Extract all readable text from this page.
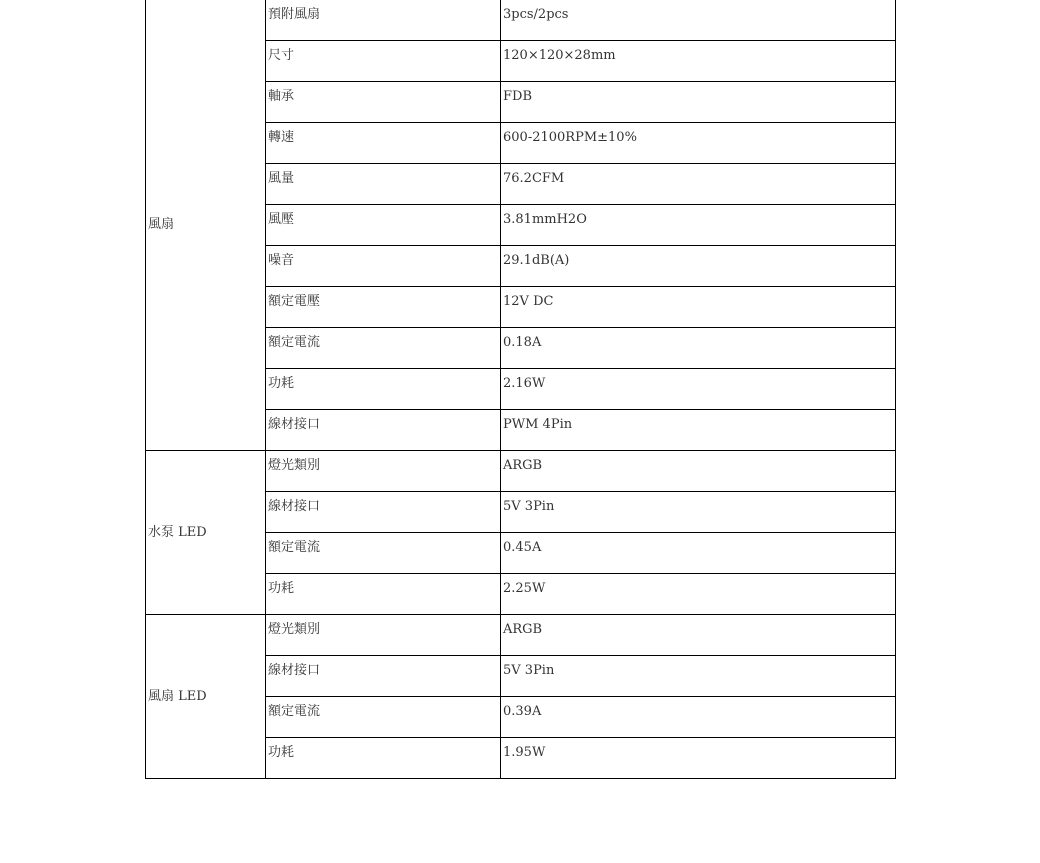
風扇	預附風扇	3pcs/2pcs
	尺寸	120×120×28mm
	軸承	FDB
	轉速	600-2100RPM±10%
	風量	76.2CFM
	風壓	3.81mmH2O
	噪音	29.1dB(A)
	額定電壓	12V DC
	額定電流	0.18A
	功耗	2.16W
	線材接口	PWM 4Pin
水泵 LED	燈光類別	ARGB
	線材接口	5V 3Pin
	額定電流	0.45A
	功耗	2.25W
風扇 LED	燈光類別	ARGB
	線材接口	5V 3Pin
	額定電流	0.39A
	功耗	1.95W
